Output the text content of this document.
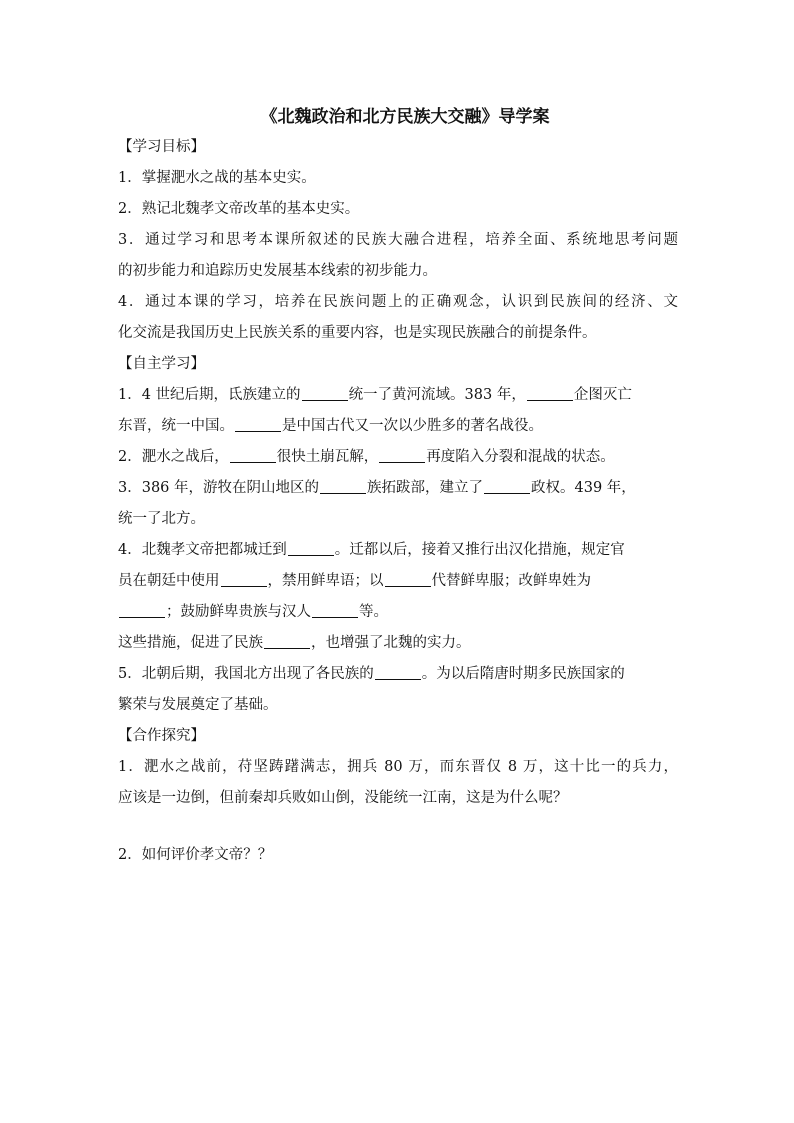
《北魏政治和北方民族大交融》导学案
【学习目标】
1．掌握淝水之战的基本史实。
2．熟记北魏孝文帝改革的基本史实。
3．通过学习和思考本课所叙述的民族大融合进程，培养全面、系统地思考问题
的初步能力和追踪历史发展基本线索的初步能力。
4．通过本课的学习，培养在民族问题上的正确观念，认识到民族间的经济、文
化交流是我国历史上民族关系的重要内容，也是实现民族融合的前提条件。
【自主学习】
1．4 世纪后期，氐族建立的	统一了黄河流域。383 年，	企图灭亡
东晋，统一中国。	是中国古代又一次以少胜多的著名战役。
2．淝水之战后，	很快土崩瓦解，	再度陷入分裂和混战的状态。
3．386 年，游牧在阴山地区的	族拓跋部，建立了	政权。439 年，
统一了北方。
4．北魏孝文帝把都城迁到	。迁都以后，接着又推行出汉化措施，规定官
员在朝廷中使用	，禁用鲜卑语；以	代替鲜卑服；改鲜卑姓为
；鼓励鲜卑贵族与汉人	等。
这些措施，促进了民族	，也增强了北魏的实力。
5．北朝后期，我国北方出现了各民族的	。为以后隋唐时期多民族国家的
繁荣与发展奠定了基础。
【合作探究】
1．淝水之战前，苻坚踌躇满志，拥兵 80 万，而东晋仅 8 万，这十比一的兵力，
应该是一边倒，但前秦却兵败如山倒，没能统一江南，这是为什么呢？
2．如何评价孝文帝？？
